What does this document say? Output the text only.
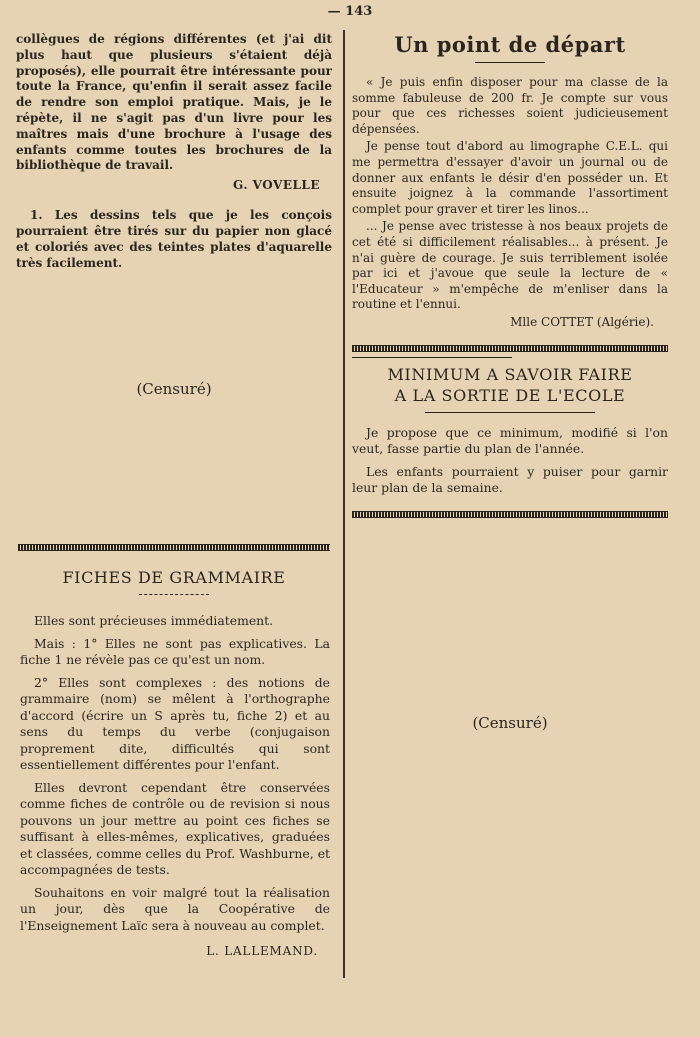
— 143

collègues de régions différentes (et j'ai dit plus haut que plusieurs s'étaient déjà proposés), elle pourrait être intéressante pour toute la France, qu'enfin il serait assez facile de rendre son emploi pratique. Mais, je le répète, il ne s'agit pas d'un livre pour les maîtres mais d'une brochure à l'usage des enfants comme toutes les brochures de la bibliothèque de travail.

G. VOVELLE

1. Les dessins tels que je les conçois pourraient être tirés sur du papier non glacé et coloriés avec des teintes plates d'aquarelle très facilement.

(Censuré)
FICHES DE GRAMMAIRE

Elles sont précieuses immédiatement.

Mais : 1° Elles ne sont pas explicatives. La fiche 1 ne révèle pas ce qu'est un nom.

2° Elles sont complexes : des notions de grammaire (nom) se mêlent à l'orthographe d'accord (écrire un S après tu, fiche 2) et au sens du temps du verbe (conjugaison proprement dite, difficultés qui sont essentiellement différentes pour l'enfant.

Elles devront cependant être conservées comme fiches de contrôle ou de revision si nous pouvons un jour mettre au point ces fiches se suffisant à elles-mêmes, explicatives, graduées et classées, comme celles du Prof. Washburne, et accompagnées de tests.

Souhaitons en voir malgré tout la réalisation un jour, dès que la Coopérative de l'Enseignement Laïc sera à nouveau au complet.

L. LALLEMAND.

Un point de départ

« Je puis enfin disposer pour ma classe de la somme fabuleuse de 200 fr. Je compte sur vous pour que ces richesses soient judicieusement dépensées.

Je pense tout d'abord au limographe C.E.L. qui me permettra d'essayer d'avoir un journal ou de donner aux enfants le désir d'en posséder un. Et ensuite joignez à la commande l'assortiment complet pour graver et tirer les linos...

... Je pense avec tristesse à nos beaux projets de cet été si difficilement réalisables... à présent. Je n'ai guère de courage. Je suis terriblement isolée par ici et j'avoue que seule la lecture de « l'Educateur » m'empêche de m'enliser dans la routine et l'ennui.

Mlle COTTET (Algérie).

MINIMUM A SAVOIR FAIRE
A LA SORTIE DE L'ECOLE

Je propose que ce minimum, modifié si l'on veut, fasse partie du plan de l'année.

Les enfants pourraient y puiser pour garnir leur plan de la semaine.

(Censuré)
